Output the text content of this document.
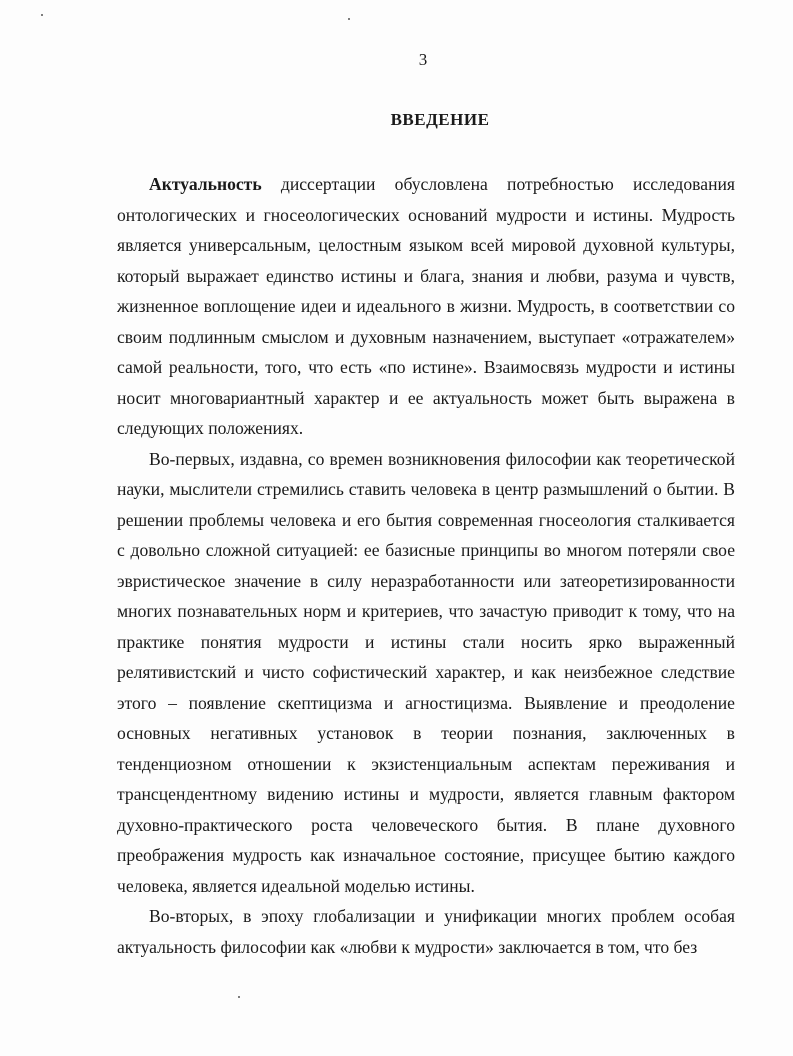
3
ВВЕДЕНИЕ

Актуальность диссертации обусловлена потребностью исследования онтологических и гносеологических оснований мудрости и истины. Мудрость является универсальным, целостным языком всей мировой духовной культуры, который выражает единство истины и блага, знания и любви, разума и чувств, жизненное воплощение идеи и идеального в жизни. Мудрость, в соответствии со своим подлинным смыслом и духовным назначением, выступает «отражателем» самой реальности, того, что есть «по истине». Взаимосвязь мудрости и истины носит многовариантный характер и ее актуальность может быть выражена в следующих положениях.

Во-первых, издавна, со времен возникновения философии как теоретической науки, мыслители стремились ставить человека в центр размышлений о бытии. В решении проблемы человека и его бытия современная гносеология сталкивается с довольно сложной ситуацией: ее базисные принципы во многом потеряли свое эвристическое значение в силу неразработанности или затеоретизированности многих познавательных норм и критериев, что зачастую приводит к тому, что на практике понятия мудрости и истины стали носить ярко выраженный релятивистский и чисто софистический характер, и как неизбежное следствие этого – появление скептицизма и агностицизма. Выявление и преодоление основных негативных установок в теории познания, заключенных в тенденциозном отношении к экзистенциальным аспектам переживания и трансцендентному видению истины и мудрости, является главным фактором духовно-практического роста человеческого бытия. В плане духовного преображения мудрость как изначальное состояние, присущее бытию каждого человека, является идеальной моделью истины.

Во-вторых, в эпоху глобализации и унификации многих проблем особая актуальность философии как «любви к мудрости» заключается в том, что без
